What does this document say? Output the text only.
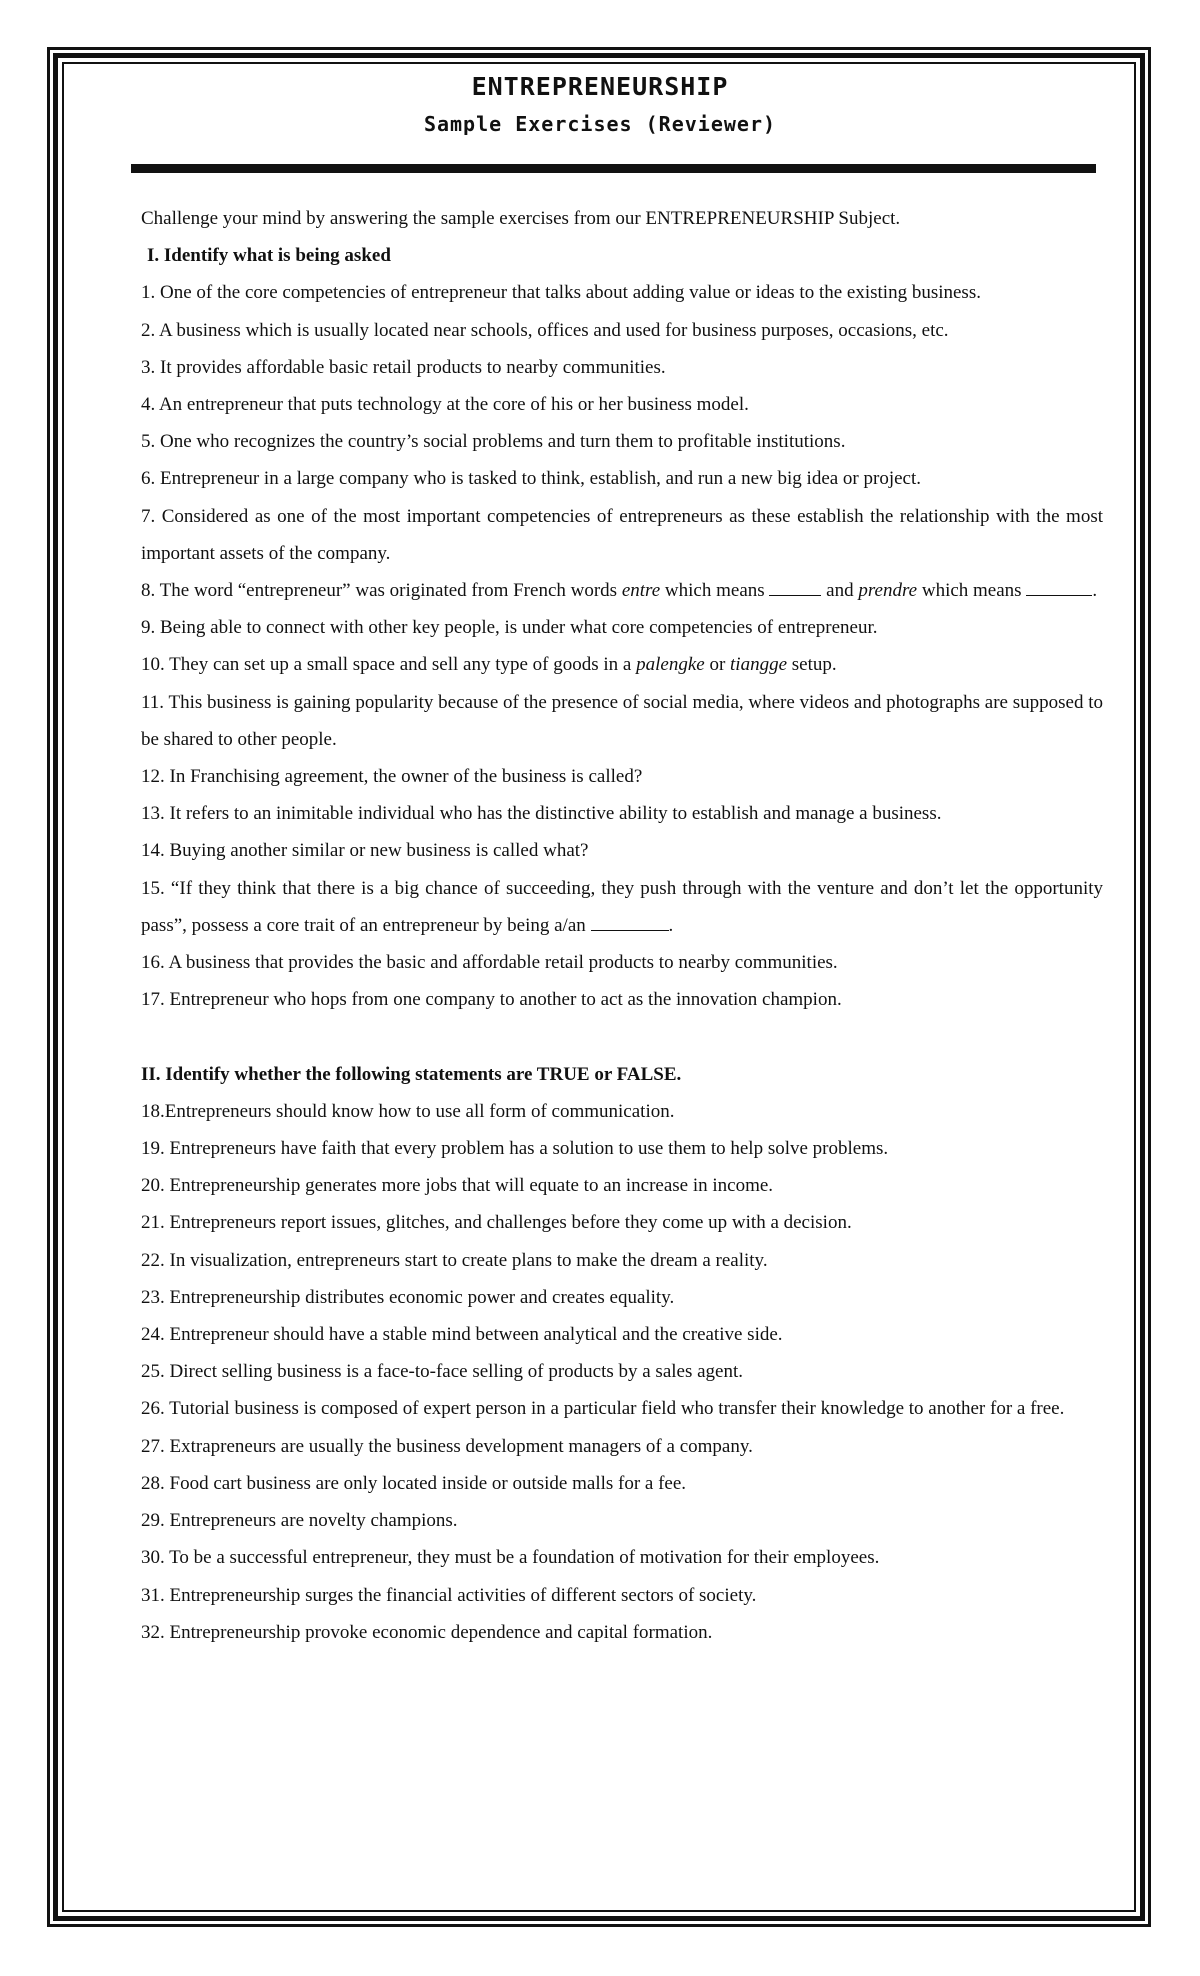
ENTREPRENEURSHIP
Sample Exercises (Reviewer)

Challenge your mind by answering the sample exercises from our ENTREPRENEURSHIP Subject.

I. Identify what is being asked

1. One of the core competencies of entrepreneur that talks about adding value or ideas to the existing business.

2. A business which is usually located near schools, offices and used for business purposes, occasions, etc.

3. It provides affordable basic retail products to nearby communities.

4. An entrepreneur that puts technology at the core of his or her business model.

5. One who recognizes the country’s social problems and turn them to profitable institutions.

6. Entrepreneur in a large company who is tasked to think, establish, and run a new big idea or project.

7. Considered as one of the most important competencies of entrepreneurs as these establish the relationship with the most important assets of the company.

8. The word “entrepreneur” was originated from French words entre which means	and prendre which means	.

9. Being able to connect with other key people, is under what core competencies of entrepreneur.

10. They can set up a small space and sell any type of goods in a palengke or tiangge setup.

11. This business is gaining popularity because of the presence of social media, where videos and photographs are supposed to be shared to other people.

12. In Franchising agreement, the owner of the business is called?

13. It refers to an inimitable individual who has the distinctive ability to establish and manage a business.

14. Buying another similar or new business is called what?

15. “If they think that there is a big chance of succeeding, they push through with the venture and don’t let the opportunity pass”, possess a core trait of an entrepreneur by being a/an	.

16. A business that provides the basic and affordable retail products to nearby communities.

17. Entrepreneur who hops from one company to another to act as the innovation champion.

II. Identify whether the following statements are TRUE or FALSE.

18.Entrepreneurs should know how to use all form of communication.

19. Entrepreneurs have faith that every problem has a solution to use them to help solve problems.

20. Entrepreneurship generates more jobs that will equate to an increase in income.

21. Entrepreneurs report issues, glitches, and challenges before they come up with a decision.

22. In visualization, entrepreneurs start to create plans to make the dream a reality.

23. Entrepreneurship distributes economic power and creates equality.

24. Entrepreneur should have a stable mind between analytical and the creative side.

25. Direct selling business is a face-to-face selling of products by a sales agent.

26. Tutorial business is composed of expert person in a particular field who transfer their knowledge to another for a free.

27. Extrapreneurs are usually the business development managers of a company.

28. Food cart business are only located inside or outside malls for a fee.

29. Entrepreneurs are novelty champions.

30. To be a successful entrepreneur, they must be a foundation of motivation for their employees.

31. Entrepreneurship surges the financial activities of different sectors of society.

32. Entrepreneurship provoke economic dependence and capital formation.
